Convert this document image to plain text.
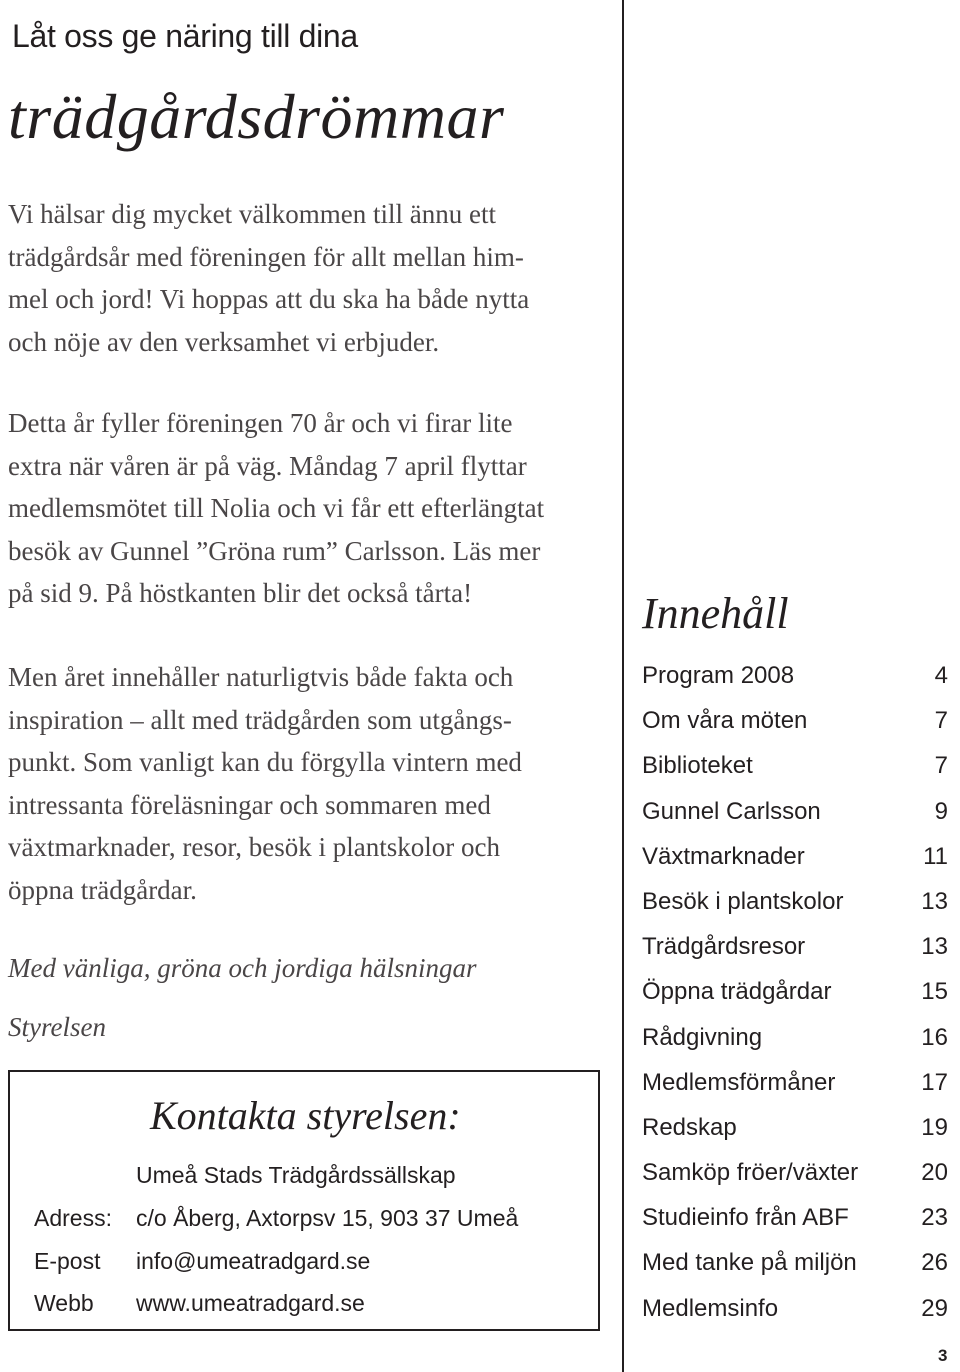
Låt oss ge näring till dina
trädgårdsdrömmar
Vi hälsar dig mycket välkommen till ännu ett
trädgårdsår med föreningen för allt mellan him-
mel och jord! Vi hoppas att du ska ha både nytta
och nöje av den verksamhet vi erbjuder.
Detta år fyller föreningen 70 år och vi firar lite
extra när våren är på väg. Måndag 7 april flyttar
medlemsmötet till Nolia och vi får ett efterlängtat
besök av Gunnel ”Gröna rum” Carlsson. Läs mer
på sid 9. På höstkanten blir det också tårta!
Men året innehåller naturligtvis både fakta och
inspiration – allt med trädgården som utgångs-
punkt. Som vanligt kan du förgylla vintern med
intressanta föreläsningar och sommaren med
växtmarknader, resor, besök i plantskolor och
öppna trädgårdar.
Med vänliga, gröna och jordiga hälsningar
Styrelsen
Kontakta styrelsen:
Umeå Stads Trädgårdssällskap
Adress: c/o Åberg, Axtorpsv 15, 903 37 Umeå
E-post info@umeatradgard.se
Webb www.umeatradgard.se
Innehåll
Program 2008	4
Om våra möten	7
Biblioteket	7
Gunnel Carlsson	9
Växtmarknader	11
Besök i plantskolor	13
Trädgårdsresor	13
Öppna trädgårdar	15
Rådgivning	16
Medlemsförmåner	17
Redskap	19
Samköp fröer/växter	20
Studieinfo från ABF	23
Med tanke på miljön	26
Medlemsinfo	29
3
